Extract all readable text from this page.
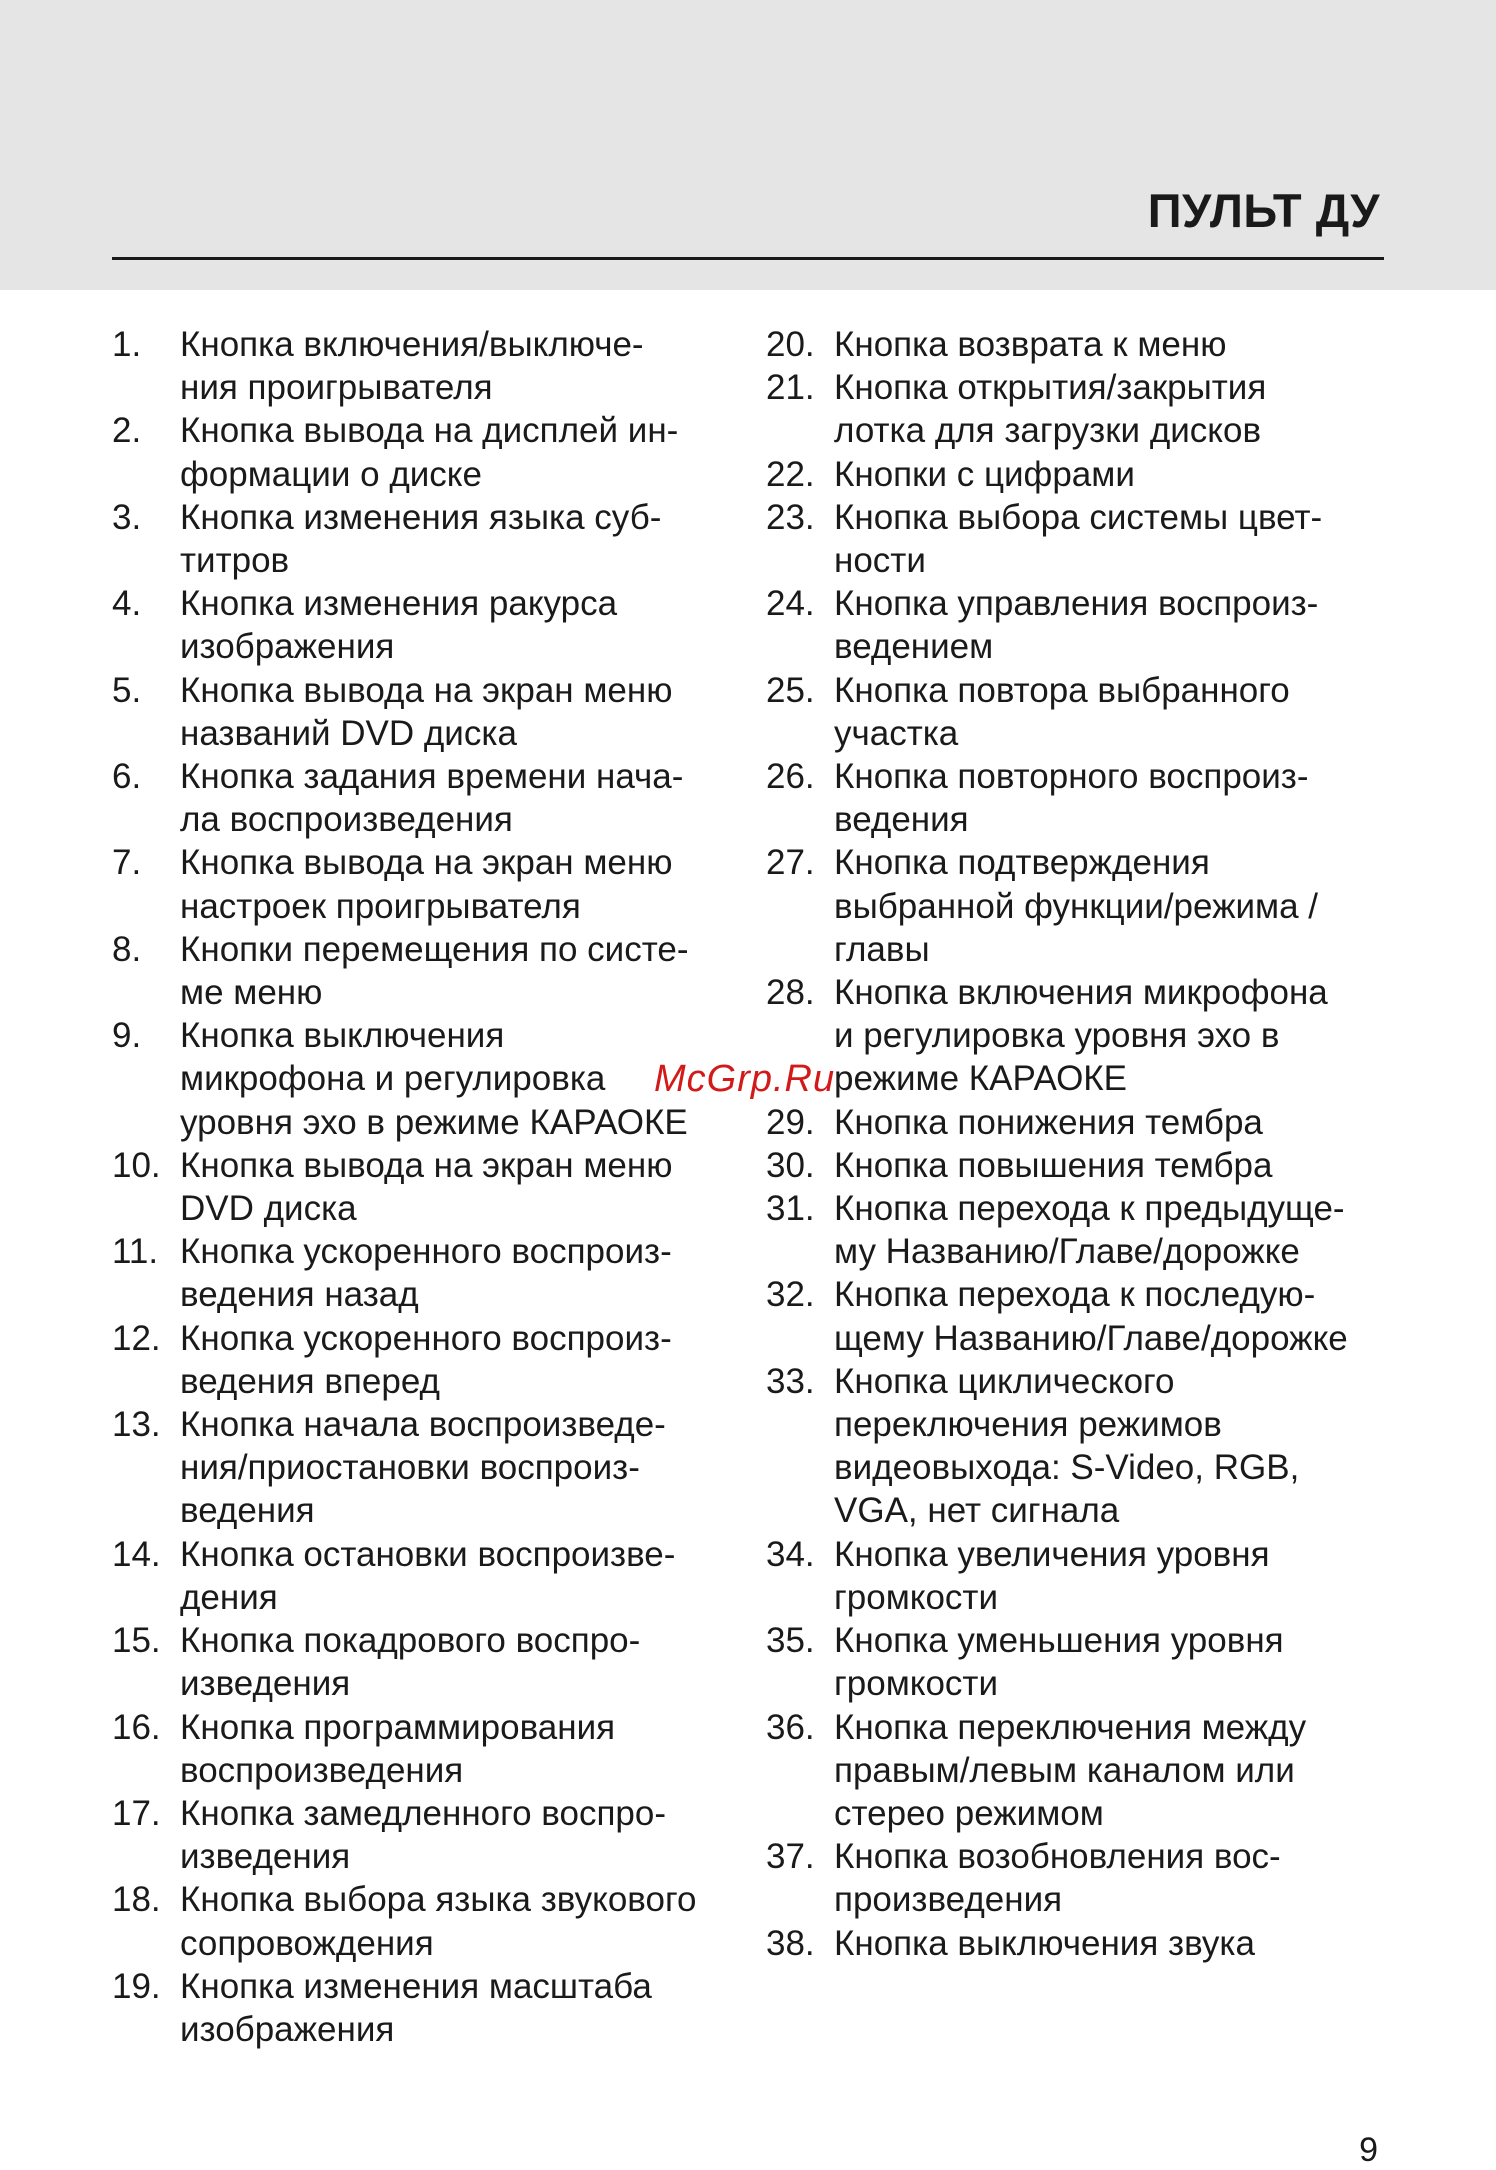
ПУЛЬТ ДУ
1.	Кнопка включения/выключе-
ния проигрывателя
2.	Кнопка вывода на дисплей ин-
формации о диске
3.	Кнопка изменения языка суб-
титров
4.	Кнопка изменения ракурса
изображения
5.	Кнопка вывода на экран меню
названий DVD диска
6.	Кнопка задания времени нача-
ла воспроизведения
7.	Кнопка вывода на экран меню
настроек проигрывателя
8.	Кнопки перемещения по систе-
ме меню
9.	Кнопка выключения
микрофона и регулировка
уровня эхо в режиме КАРАОКЕ
10. Кнопка вывода на экран меню
DVD диска
11. Кнопка ускоренного воспроиз-
ведения назад
12. Кнопка ускоренного воспроиз-
ведения вперед
13. Кнопка начала воспроизведе-
ния/приостановки воспроиз-
ведения
14. Кнопка остановки воспроизве-
дения
15. Кнопка покадрового воспро-
изведения
16. Кнопка программирования
воспроизведения
17. Кнопка замедленного воспро-
изведения
18. Кнопка выбора языка звукового
сопровождения
19. Кнопка изменения масштаба
изображения
20. Кнопка возврата к меню
21. Кнопка открытия/закрытия
лотка для загрузки дисков
22. Кнопки с цифрами
23. Кнопка выбора системы цвет-
ности
24. Кнопка управления воспроиз-
ведением
25. Кнопка повтора выбранного
участка
26. Кнопка повторного воспроиз-
ведения
27. Кнопка подтверждения
выбранной функции/режима /
главы
28. Кнопка включения микрофона
и регулировка уровня эхо в
режиме КАРАОКЕ
29. Кнопка понижения тембра
30. Кнопка повышения тембра
31. Кнопка перехода к предыдуще-
му Названию/Главе/дорожке
32. Кнопка перехода к последую-
щему Названию/Главе/дорожке
33. Кнопка циклического
переключения режимов
видеовыхода: S-Video, RGB,
VGA, нет сигнала
34. Кнопка увеличения уровня
громкости
35. Кнопка уменьшения уровня
громкости
36. Кнопка переключения между
правым/левым каналом или
стерео режимом
37. Кнопка возобновления вос-
произведения
38. Кнопка выключения звука
McGrp.Ru
9
